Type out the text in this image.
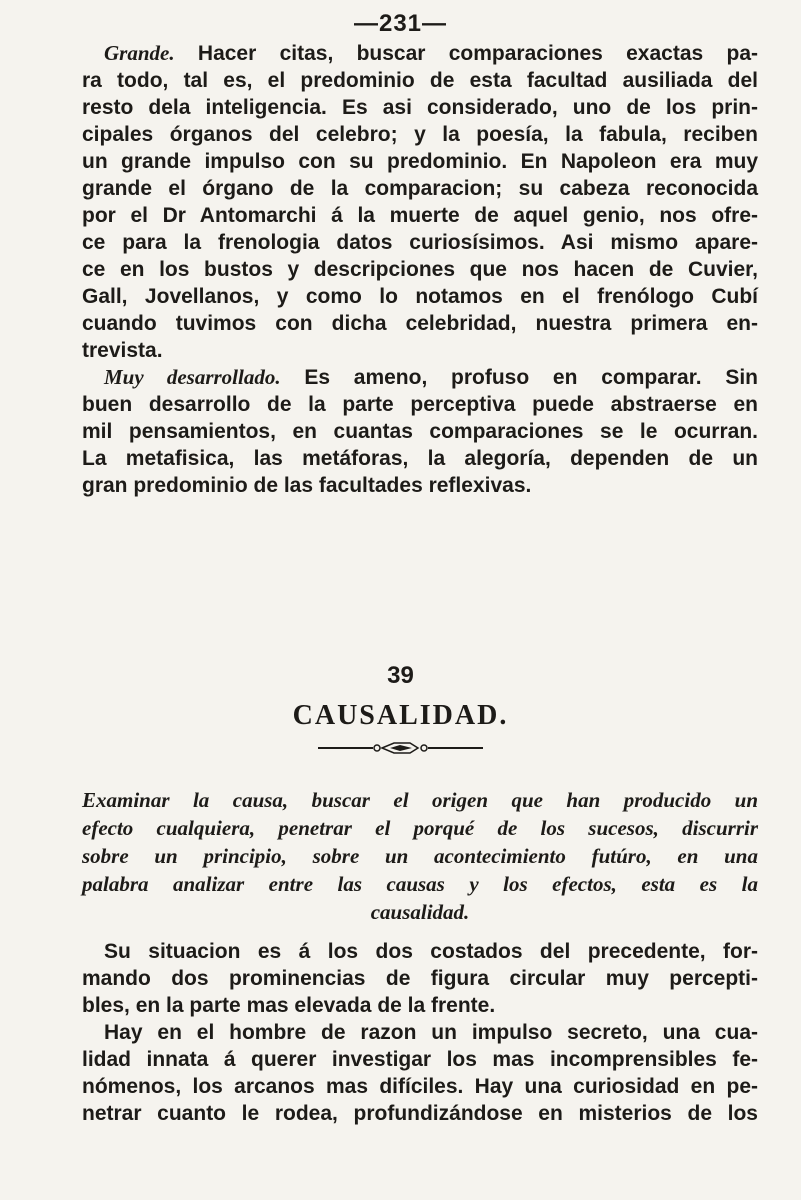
—231—
Grande. Hacer citas, buscar comparaciones exactas pa-
ra todo, tal es, el predominio de esta facultad ausiliada del
resto dela inteligencia. Es asi considerado, uno de los prin-
cipales órganos del celebro; y la poesía, la fabula, reciben
un grande impulso con su predominio. En Napoleon era muy
grande el órgano de la comparacion; su cabeza reconocida
por el Dr Antomarchi á la muerte de aquel genio, nos ofre-
ce para la frenologia datos curiosísimos. Asi mismo apare-
ce en los bustos y descripciones que nos hacen de Cuvier,
Gall, Jovellanos, y como lo notamos en el frenólogo Cubí
cuando tuvimos con dicha celebridad, nuestra primera en-
trevista.
Muy desarrollado. Es ameno, profuso en comparar. Sin
buen desarrollo de la parte perceptiva puede abstraerse en
mil pensamientos, en cuantas comparaciones se le ocurran.
La metafisica, las metáforas, la alegoría, dependen de un
gran predominio de las facultades reflexivas.
39
CAUSALIDAD.
Examinar la causa, buscar el origen que han producido un
efecto cualquiera, penetrar el porqué de los sucesos, discurrir
sobre un principio, sobre un acontecimiento futúro, en una
palabra analizar entre las causas y los efectos, esta es la
causalidad.
Su situacion es á los dos costados del precedente, for-
mando dos prominencias de figura circular muy percepti-
bles, en la parte mas elevada de la frente.
Hay en el hombre de razon un impulso secreto, una cua-
lidad innata á querer investigar los mas incomprensibles fe-
nómenos, los arcanos mas difíciles. Hay una curiosidad en pe-
netrar cuanto le rodea, profundizándose en misterios de los
